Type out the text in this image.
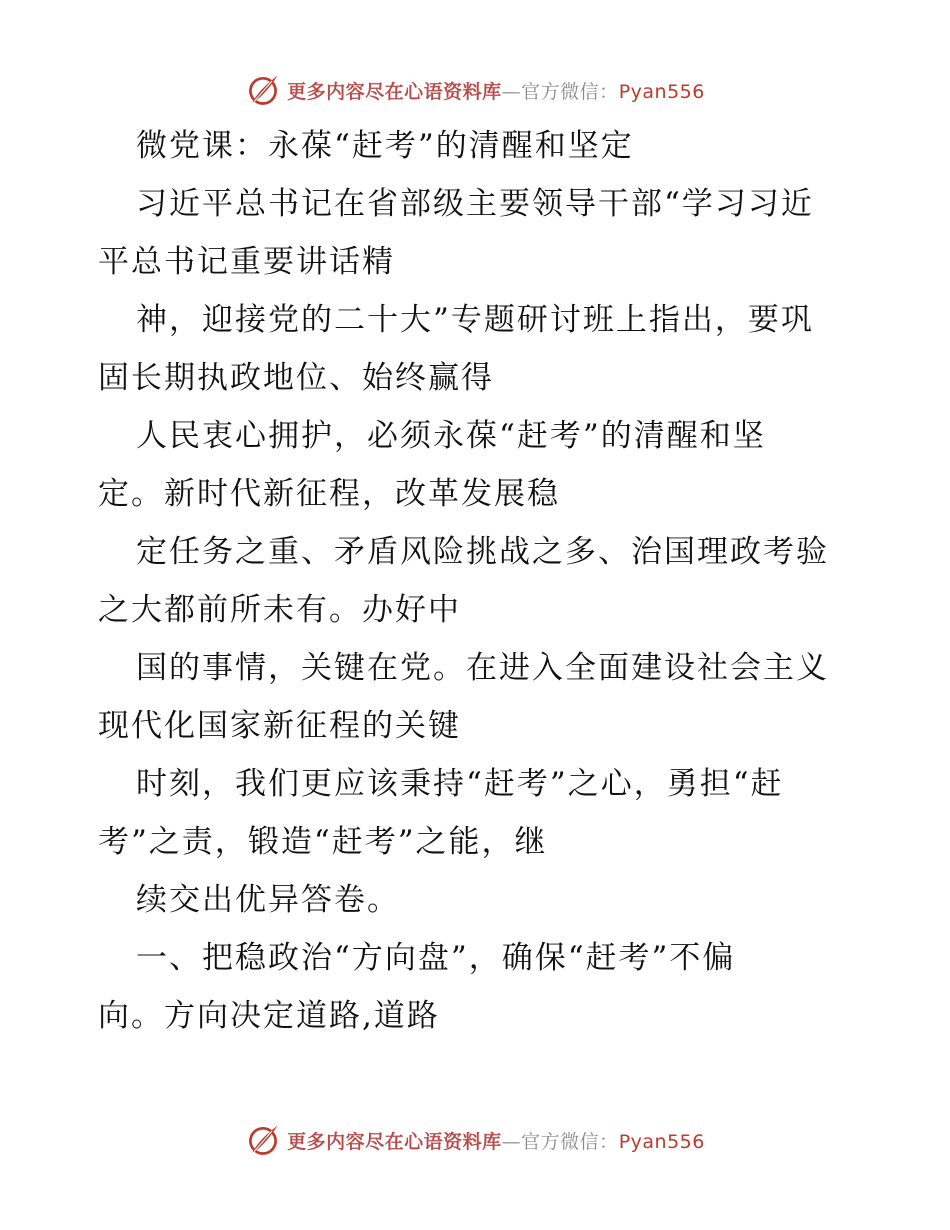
更多内容尽在心语资料库—官方微信：Pyan556
微党课：永葆“赶考”的清醒和坚定
习近平总书记在省部级主要领导干部“学习习近
平总书记重要讲话精
神，迎接党的二十大”专题研讨班上指出，要巩
固长期执政地位、始终赢得
人民衷心拥护，必须永葆“赶考”的清醒和坚
定。新时代新征程，改革发展稳
定任务之重、矛盾风险挑战之多、治国理政考验
之大都前所未有。办好中
国的事情，关键在党。在进入全面建设社会主义
现代化国家新征程的关键
时刻，我们更应该秉持“赶考”之心，勇担“赶
考”之责，锻造“赶考”之能，继
续交出优异答卷。
一、把稳政治“方向盘”，确保“赶考”不偏
向。方向决定道路,道路
更多内容尽在心语资料库—官方微信：Pyan556
